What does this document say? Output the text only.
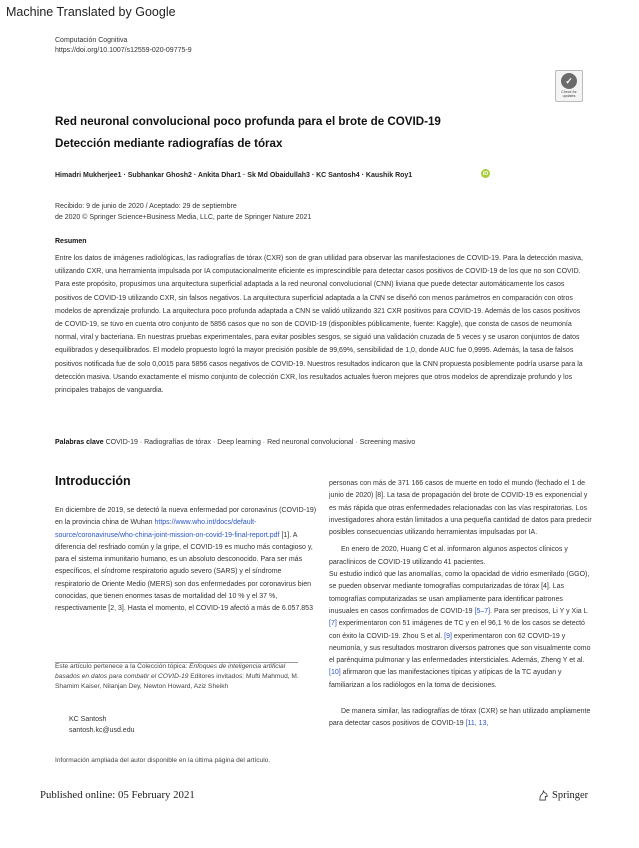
Machine Translated by Google
Computación Cognitiva
https://doi.org/10.1007/s12559-020-09775-9
✓
Check for
updates
Red neuronal convolucional poco profunda para el brote de COVID-19
Detección mediante radiografías de tórax
Himadri Mukherjee1 · Subhankar Ghosh2 · Ankita Dhar1 · Sk Md Obaidullah3 · KC Santosh4 · Kaushik Roy1	iD
Recibido: 9 de junio de 2020 / Aceptado: 29 de septiembre
de 2020 © Springer Science+Business Media, LLC, parte de Springer Nature 2021
Resumen

Entre los datos de imágenes radiológicas, las radiografías de tórax (CXR) son de gran utilidad para observar las manifestaciones de COVID-19. Para la detección masiva, utilizando CXR, una herramienta impulsada por IA computacionalmente eficiente es imprescindible para detectar casos positivos de COVID-19 de los que no son COVID. Para este propósito, propusimos una arquitectura superficial adaptada a la red neuronal convolucional (CNN) liviana que puede detectar automáticamente los casos positivos de COVID-19 utilizando CXR, sin falsos negativos. La arquitectura superficial adaptada a la CNN se diseñó con menos parámetros en comparación con otros modelos de aprendizaje profundo. La arquitectura poco profunda adaptada a CNN se validó utilizando 321 CXR positivos para COVID-19. Además de los casos positivos de COVID-19, se tuvo en cuenta otro conjunto de 5856 casos que no son de COVID-19 (disponibles públicamente, fuente: Kaggle), que consta de casos de neumonía normal, viral y bacteriana. En nuestras pruebas experimentales, para evitar posibles sesgos, se siguió una validación cruzada de 5 veces y se usaron conjuntos de datos equilibrados y desequilibrados. El modelo propuesto logró la mayor precisión posible de 99,69%, sensibilidad de 1,0, donde AUC fue 0,9995. Además, la tasa de falsos positivos notificada fue de solo 0,0015 para 5856 casos negativos de COVID-19. Nuestros resultados indicaron que la CNN propuesta posiblemente podría usarse para la detección masiva. Usando exactamente el mismo conjunto de colección CXR, los resultados actuales fueron mejores que otros modelos de aprendizaje profundo y los principales trabajos de vanguardia.

Palabras clave COVID-19 · Radiografías de tórax · Deep learning · Red neuronal convolucional · Screening masivo
Introducción

En diciembre de 2019, se detectó la nueva enfermedad por coronavirus (COVID-19) en la provincia china de Wuhan https://www.who.int/docs/default-source/coronaviruse/who-china-joint-mission-on-covid-19-final-report.pdf [1]. A diferencia del resfriado común y la gripe, el COVID-19 es mucho más contagioso y, para el sistema inmunitario humano, es un absoluto desconocido. Para ser más específicos, el síndrome respiratorio agudo severo (SARS) y el síndrome respiratorio de Oriente Medio (MERS) son dos enfermedades por coronavirus bien conocidas, que tienen enormes tasas de mortalidad del 10 % y el 37 %, respectivamente [2, 3]. Hasta el momento, el COVID-19 afectó a más de 6.057.853

Este artículo pertenece a la Colección tópica: Enfoques de inteligencia artificial basados en datos para combatir el COVID-19 Editores invitados: Mufti Mahmud, M. Shamim Kaiser, Nilanjan Dey, Newton Howard, Aziz Sheikh

KC Santosh
santosh.kc@usd.edu
Información ampliada del autor disponible en la última página del artículo.

personas con más de 371 166 casos de muerte en todo el mundo (fechado el 1 de junio de 2020) [8]. La tasa de propagación del brote de COVID-19 es exponencial y es más rápida que otras enfermedades relacionadas con las vías respiratorias. Los investigadores ahora están limitados a una pequeña cantidad de datos para predecir posibles consecuencias utilizando herramientas impulsadas por IA.

En enero de 2020, Huang C et al. informaron algunos aspectos clínicos y paraclínicos de COVID-19 utilizando 41 pacientes.

Su estudio indicó que las anomalías, como la opacidad de vidrio esmerilado (GGO), se pueden observar mediante tomografías computarizadas de tórax [4]. Las tomografías computarizadas se usan ampliamente para identificar patrones inusuales en casos confirmados de COVID-19 [5–7]. Para ser precisos, Li Y y Xia L [7] experimentaron con 51 imágenes de TC y en el 96,1 % de los casos se detectó con éxito la COVID-19. Zhou S et al. [9] experimentaron con 62 COVID-19 y neumonía, y sus resultados mostraron diversos patrones que son visualmente como el parénquima pulmonar y las enfermedades intersticiales. Además, Zheng Y et al. [10] afirmaron que las manifestaciones típicas y atípicas de la TC ayudan y familiarizan a los radiólogos en la toma de decisiones.

De manera similar, las radiografías de tórax (CXR) se han utilizado ampliamente para detectar casos positivos de COVID-19 [11, 13,

Published online: 05 February 2021	Springer
